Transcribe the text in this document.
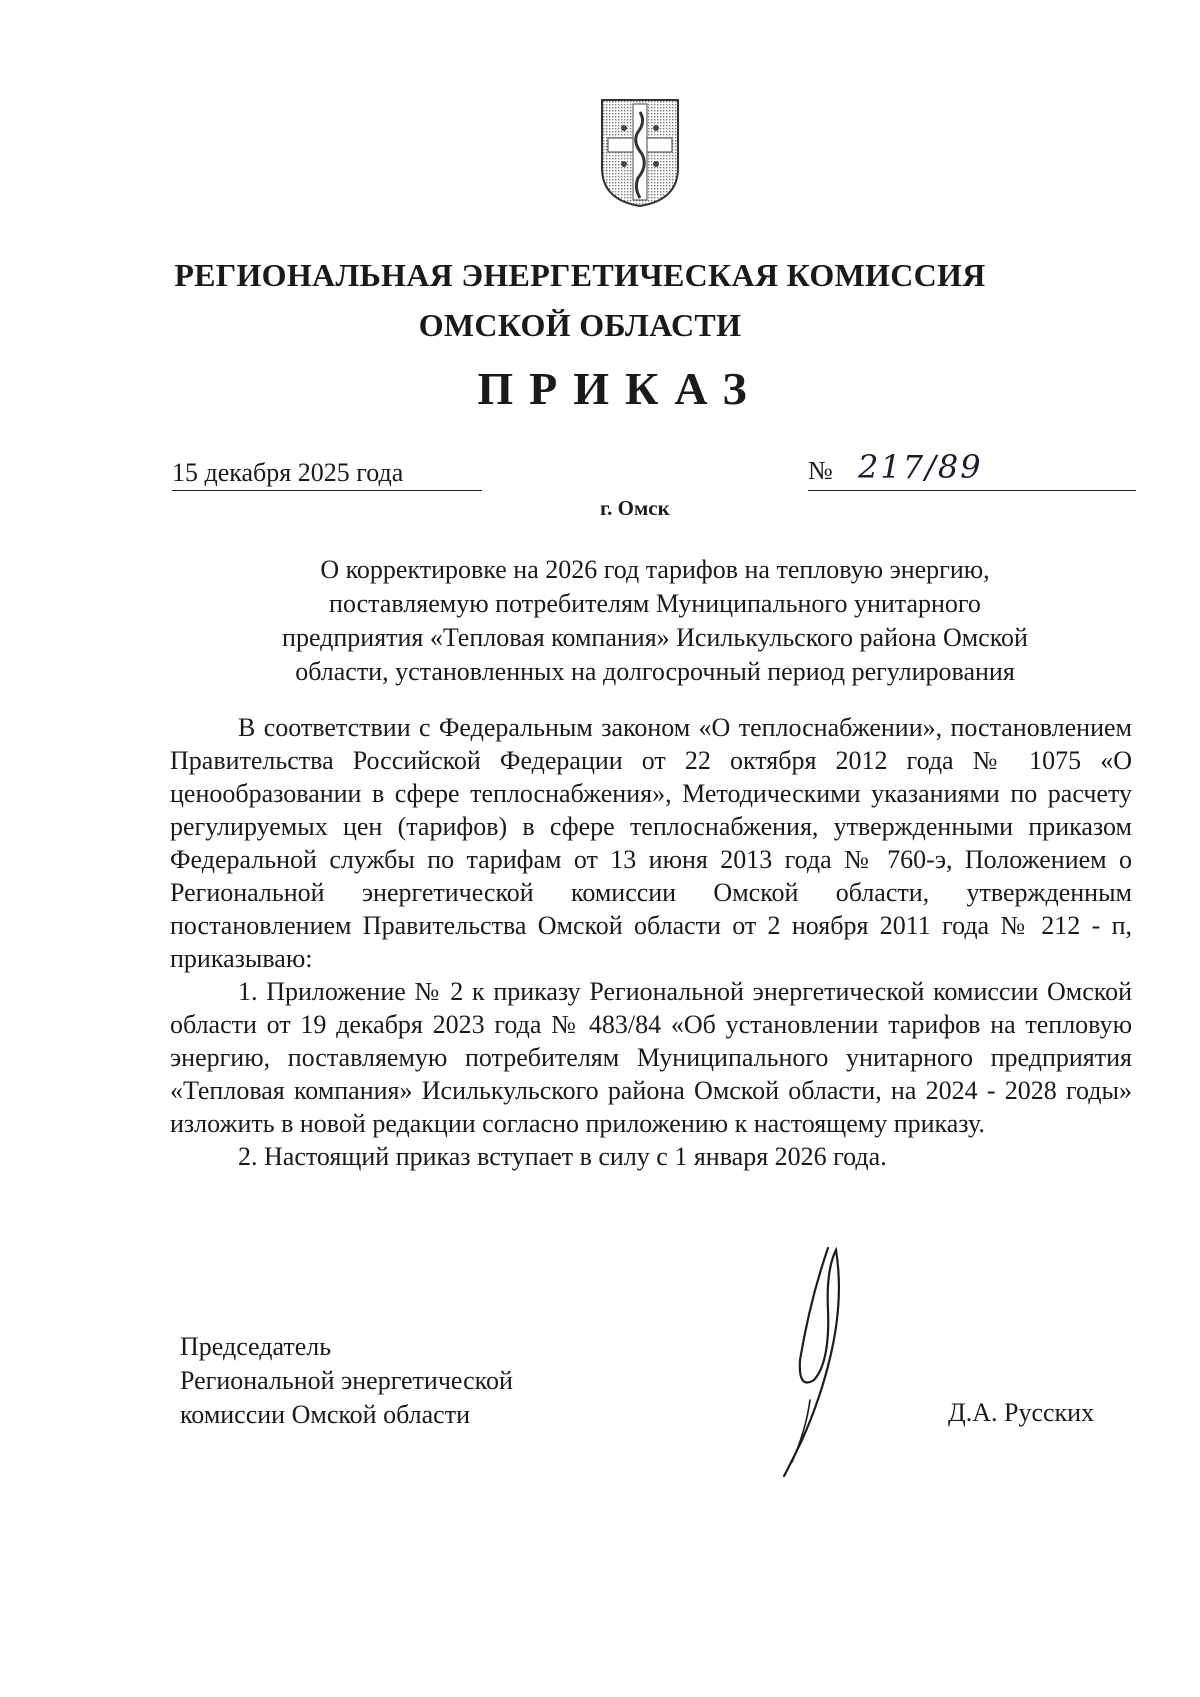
РЕГИОНАЛЬНАЯ ЭНЕРГЕТИЧЕСКАЯ КОМИССИЯ
ОМСКОЙ ОБЛАСТИ
ПРИКАЗ
15 декабря 2025 года	№ 217/89
г. Омск
О корректировке на 2026 год тарифов на тепловую энергию,
поставляемую потребителям Муниципального унитарного
предприятия «Тепловая компания» Исилькульского района Омской
области, установленных на долгосрочный период регулирования

В соответствии с Федеральным законом «О теплоснабжении», постановлением Правительства Российской Федерации от 22 октября 2012 года № 1075 «О ценообразовании в сфере теплоснабжения», Методическими указаниями по расчету регулируемых цен (тарифов) в сфере теплоснабжения, утвержденными приказом Федеральной службы по тарифам от 13 июня 2013 года № 760-э, Положением о Региональной энергетической комиссии Омской области, утвержденным постановлением Правительства Омской области от 2 ноября 2011 года № 212 - п, приказываю:

1. Приложение № 2 к приказу Региональной энергетической комиссии Омской области от 19 декабря 2023 года № 483/84 «Об установлении тарифов на тепловую энергию, поставляемую потребителям Муниципального унитарного предприятия «Тепловая компания» Исилькульского района Омской области, на 2024 - 2028 годы» изложить в новой редакции согласно приложению к настоящему приказу.

2. Настоящий приказ вступает в силу с 1 января 2026 года.

Председатель
Региональной энергетической
комиссии Омской области	Д.А. Русских
